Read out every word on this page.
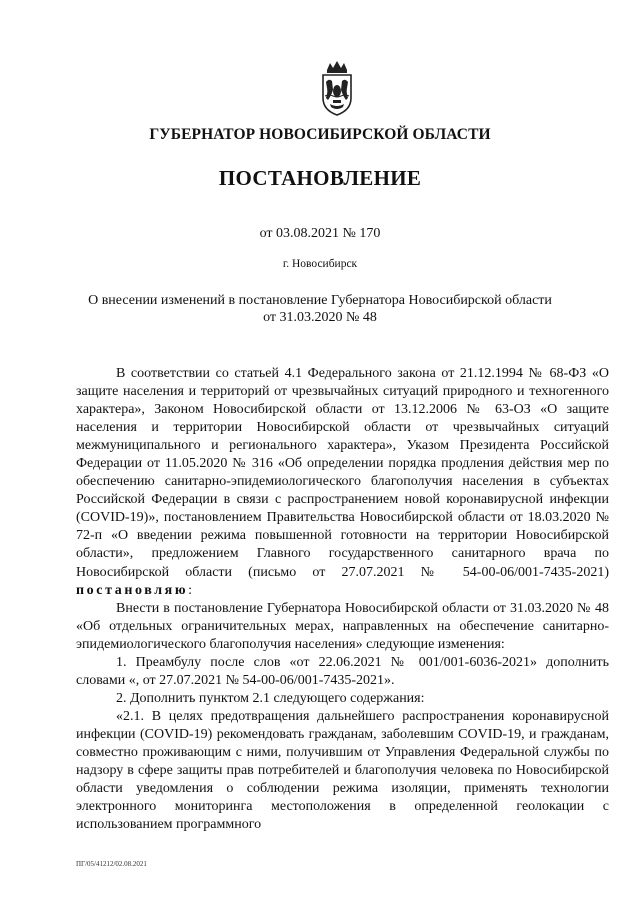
ГУБЕРНАТОР НОВОСИБИРСКОЙ ОБЛАСТИ
ПОСТАНОВЛЕНИЕ

от 03.08.2021 № 170

г. Новосибирск

О внесении изменений в постановление Губернатора Новосибирской области
от 31.03.2020 № 48

В соответствии со статьей 4.1 Федерального закона от 21.12.1994 № 68-ФЗ «О защите населения и территорий от чрезвычайных ситуаций природного и техногенного характера», Законом Новосибирской области от 13.12.2006 № 63-ОЗ «О защите населения и территории Новосибирской области от чрезвычайных ситуаций межмуниципального и регионального характера», Указом Президента Российской Федерации от 11.05.2020 № 316 «Об определении порядка продления действия мер по обеспечению санитарно-эпидемиологического благополучия населения в субъектах Российской Федерации в связи с распространением новой коронавирусной инфекции (COVID-19)», постановлением Правительства Новосибирской области от 18.03.2020 № 72-п «О введении режима повышенной готовности на территории Новосибирской области», предложением Главного государственного санитарного врача по Новосибирской области (письмо от 27.07.2021 № 54-00-06/001-7435-2021) постановляю:

Внести в постановление Губернатора Новосибирской области от 31.03.2020 № 48 «Об отдельных ограничительных мерах, направленных на обеспечение санитарно-эпидемиологического благополучия населения» следующие изменения:

1. Преамбулу после слов «от 22.06.2021 № 001/001-6036-2021» дополнить словами «, от 27.07.2021 № 54-00-06/001-7435-2021».

2. Дополнить пунктом 2.1 следующего содержания:

«2.1. В целях предотвращения дальнейшего распространения коронавирусной инфекции (COVID-19) рекомендовать гражданам, заболевшим COVID-19, и гражданам, совместно проживающим с ними, получившим от Управления Федеральной службы по надзору в сфере защиты прав потребителей и благополучия человека по Новосибирской области уведомления о соблюдении режима изоляции, применять технологии электронного мониторинга местоположения в определенной геолокации с использованием программного

ПГ/05/41212/02.08.2021
